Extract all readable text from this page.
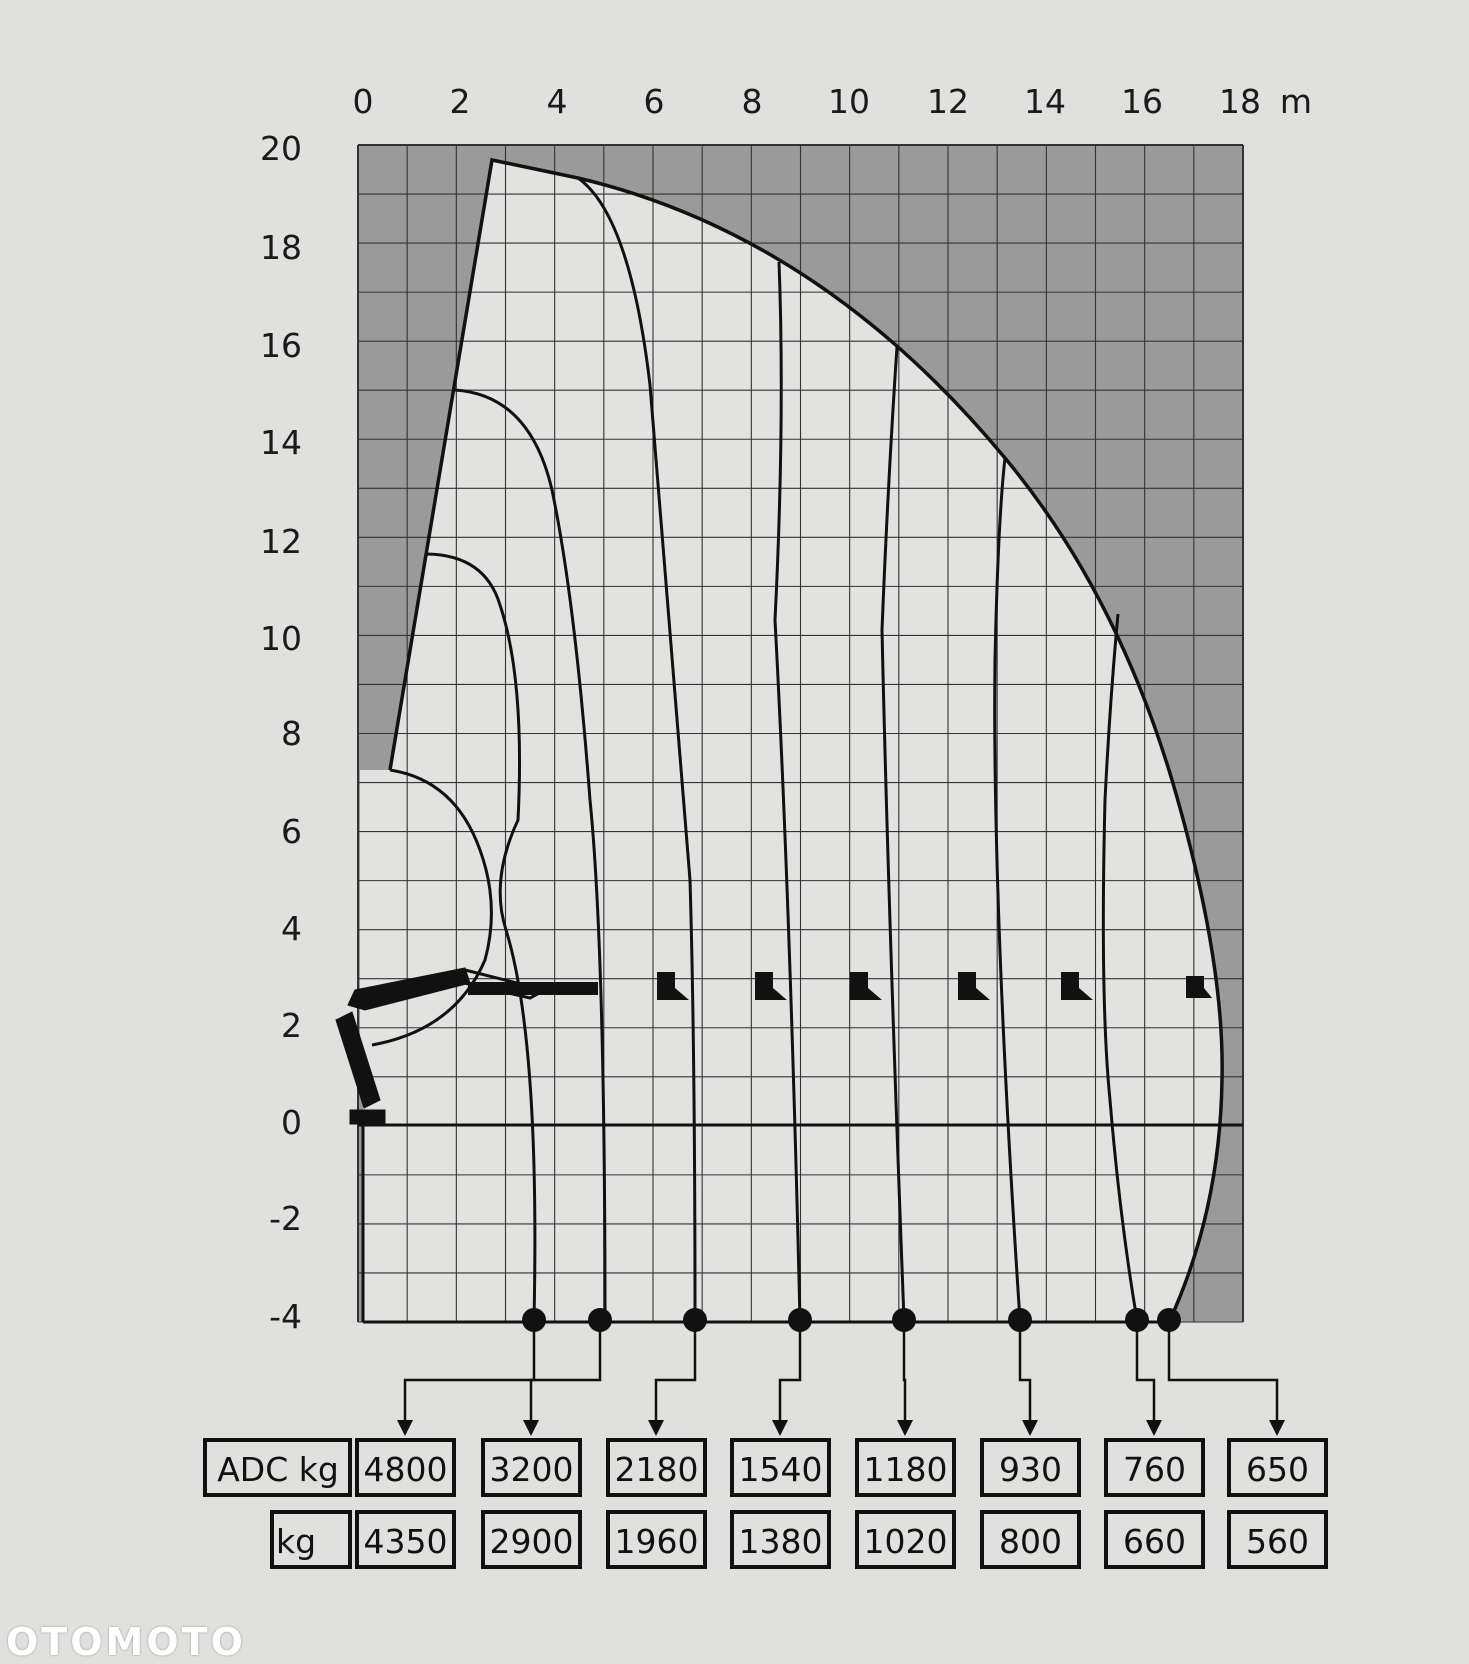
0 2 4 6 8 10 12 14 16 18 m
20
18
16
14
12
10
8
6
4
2
0
-2
-4
ADC kg
kg
4800
4350
3200
2900
2180
1960
1540
1380
1180
1020
930
800
760
660
650
560
OTOMOTO
